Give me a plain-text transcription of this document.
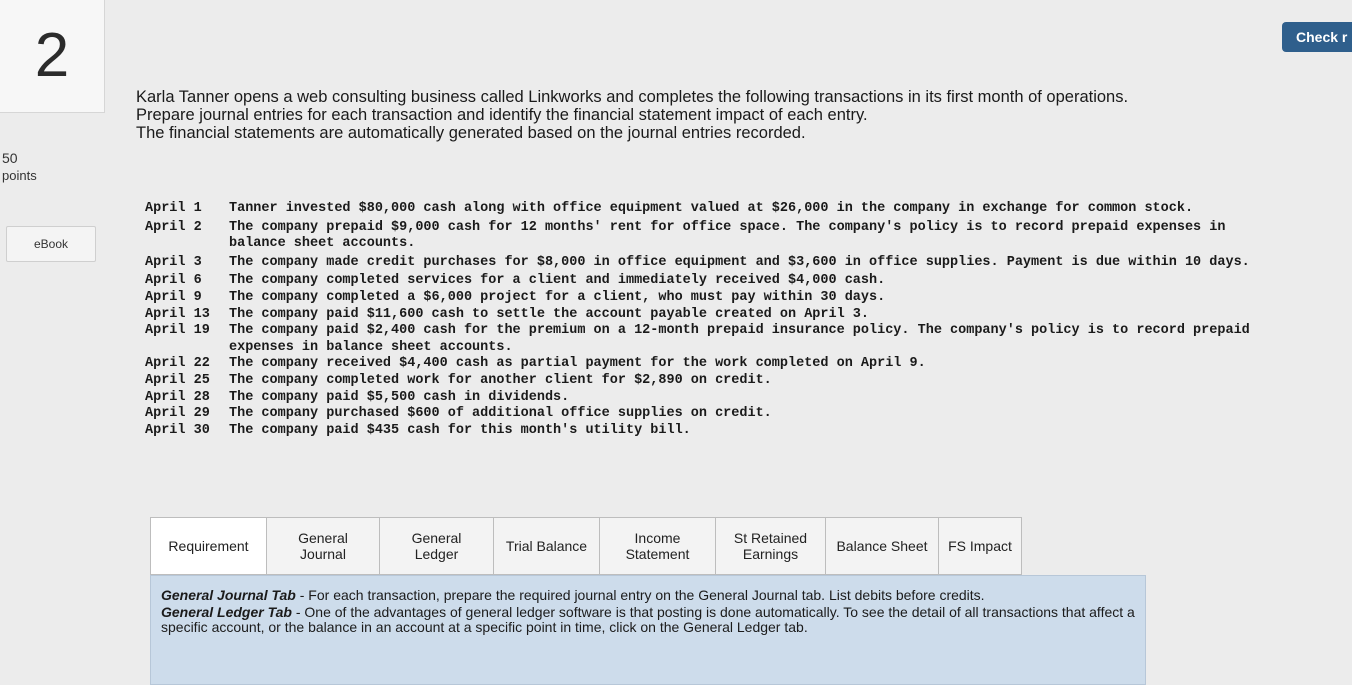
2
50
points
eBook
Check r

Karla Tanner opens a web consulting business called Linkworks and completes the following transactions in its first month of operations.

Prepare journal entries for each transaction and identify the financial statement impact of each entry.

The financial statements are automatically generated based on the journal entries recorded.

April 1	Tanner invested $80,000 cash along with office equipment valued at $26,000 in the company in exchange for common stock.
April 2	The company prepaid $9,000 cash for 12 months' rent for office space. The company's policy is to record prepaid expenses in balance sheet accounts.
April 3	The company made credit purchases for $8,000 in office equipment and $3,600 in office supplies. Payment is due within 10 days.
April 6	The company completed services for a client and immediately received $4,000 cash.
April 9	The company completed a $6,000 project for a client, who must pay within 30 days.
April 13	The company paid $11,600 cash to settle the account payable created on April 3.
April 19	The company paid $2,400 cash for the premium on a 12-month prepaid insurance policy. The company's policy is to record prepaid expenses in balance sheet accounts.
April 22	The company received $4,400 cash as partial payment for the work completed on April 9.
April 25	The company completed work for another client for $2,890 on credit.
April 28	The company paid $5,500 cash in dividends.
April 29	The company purchased $600 of additional office supplies on credit.
April 30	The company paid $435 cash for this month's utility bill.
Requirement	General
Journal
General
Ledger	Trial Balance	Income
Statement
St Retained
Earnings	Balance Sheet FS Impact

General Journal Tab - For each transaction, prepare the required journal entry on the General Journal tab. List debits before credits.

General Ledger Tab - One of the advantages of general ledger software is that posting is done automatically. To see the detail of all transactions that affect a specific account, or the balance in an account at a specific point in time, click on the General Ledger tab.
